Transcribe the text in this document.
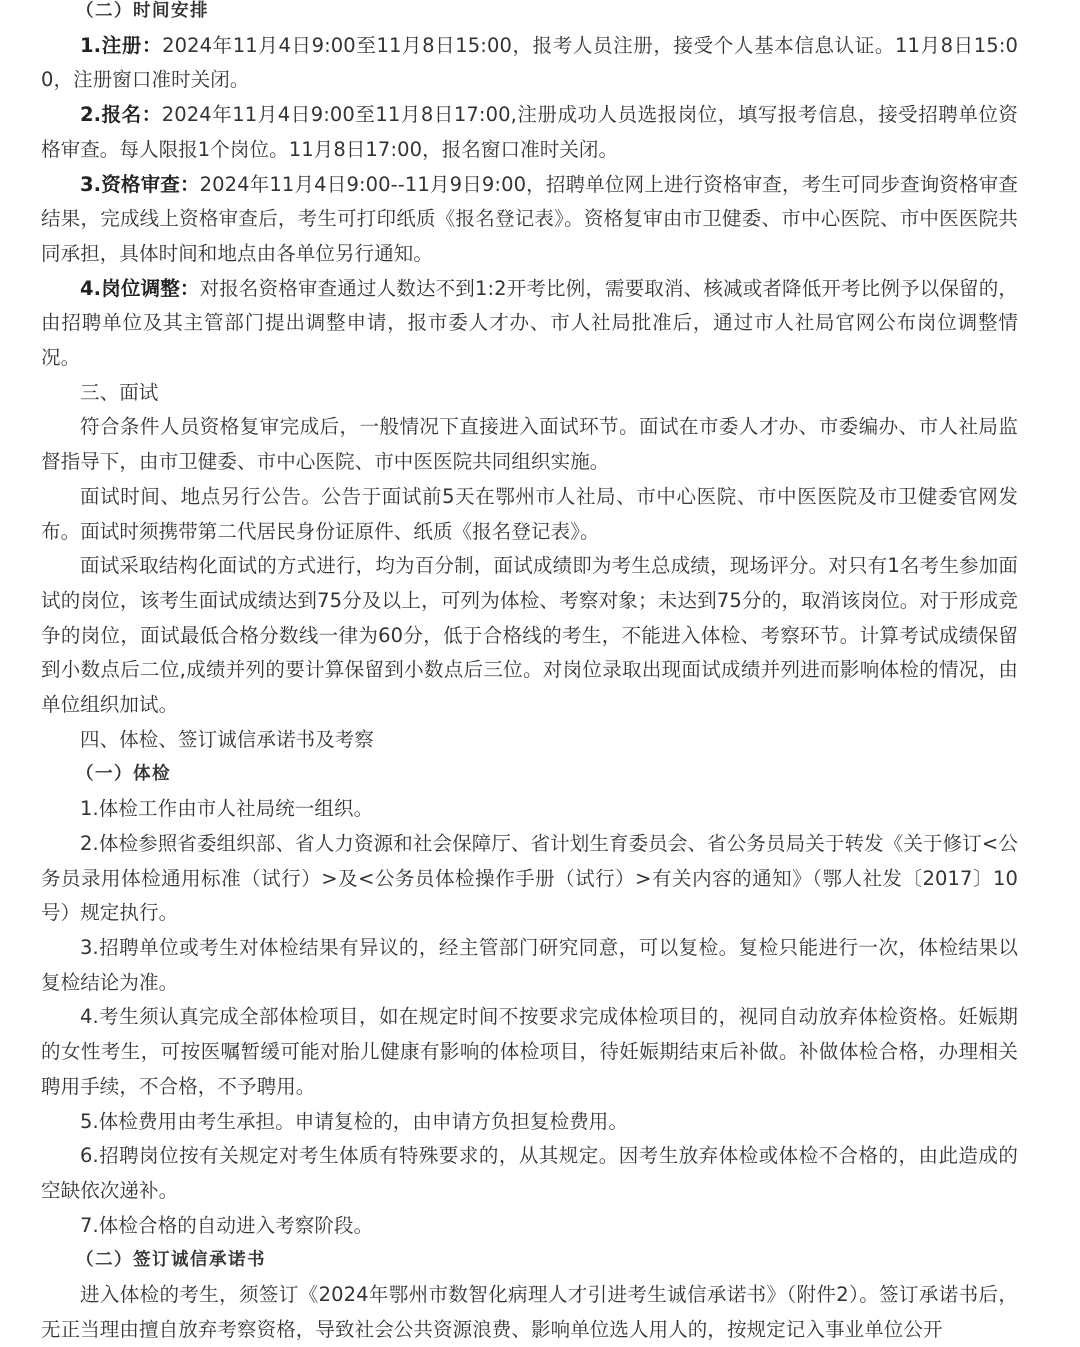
（二）时间安排

1.注册：2024年11月4日9:00至11月8日15:00，报考人员注册，接受个人基本信息认证。11月8日15:00，注册窗口准时关闭。

2.报名：2024年11月4日9:00至11月8日17:00,注册成功人员选报岗位，填写报考信息，接受招聘单位资格审查。每人限报1个岗位。11月8日17:00，报名窗口准时关闭。

3.资格审查：2024年11月4日9:00--11月9日9:00，招聘单位网上进行资格审查，考生可同步查询资格审查结果，完成线上资格审查后，考生可打印纸质《报名登记表》。资格复审由市卫健委、市中心医院、市中医医院共同承担，具体时间和地点由各单位另行通知。

4.岗位调整：对报名资格审查通过人数达不到1:2开考比例，需要取消、核减或者降低开考比例予以保留的，由招聘单位及其主管部门提出调整申请，报市委人才办、市人社局批准后，通过市人社局官网公布岗位调整情况。

三、面试

符合条件人员资格复审完成后，一般情况下直接进入面试环节。面试在市委人才办、市委编办、市人社局监督指导下，由市卫健委、市中心医院、市中医医院共同组织实施。

面试时间、地点另行公告。公告于面试前5天在鄂州市人社局、市中心医院、市中医医院及市卫健委官网发布。面试时须携带第二代居民身份证原件、纸质《报名登记表》。

面试采取结构化面试的方式进行，均为百分制，面试成绩即为考生总成绩，现场评分。对只有1名考生参加面试的岗位，该考生面试成绩达到75分及以上，可列为体检、考察对象；未达到75分的，取消该岗位。对于形成竞争的岗位，面试最低合格分数线一律为60分，低于合格线的考生，不能进入体检、考察环节。计算考试成绩保留到小数点后二位,成绩并列的要计算保留到小数点后三位。对岗位录取出现面试成绩并列进而影响体检的情况，由单位组织加试。

四、体检、签订诚信承诺书及考察

（一）体检

1.体检工作由市人社局统一组织。

2.体检参照省委组织部、省人力资源和社会保障厅、省计划生育委员会、省公务员局关于转发《关于修订<公务员录用体检通用标准（试行）>及<公务员体检操作手册（试行）>有关内容的通知》（鄂人社发〔2017〕10号）规定执行。

3.招聘单位或考生对体检结果有异议的，经主管部门研究同意，可以复检。复检只能进行一次，体检结果以复检结论为准。

4.考生须认真完成全部体检项目，如在规定时间不按要求完成体检项目的，视同自动放弃体检资格。妊娠期的女性考生，可按医嘱暂缓可能对胎儿健康有影响的体检项目，待妊娠期结束后补做。补做体检合格，办理相关聘用手续，不合格，不予聘用。

5.体检费用由考生承担。申请复检的，由申请方负担复检费用。

6.招聘岗位按有关规定对考生体质有特殊要求的，从其规定。因考生放弃体检或体检不合格的，由此造成的空缺依次递补。

7.体检合格的自动进入考察阶段。

（二）签订诚信承诺书

进入体检的考生，须签订《2024年鄂州市数智化病理人才引进考生诚信承诺书》（附件2）。签订承诺书后，无正当理由擅自放弃考察资格，导致社会公共资源浪费、影响单位选人用人的，按规定记入事业单位公开
